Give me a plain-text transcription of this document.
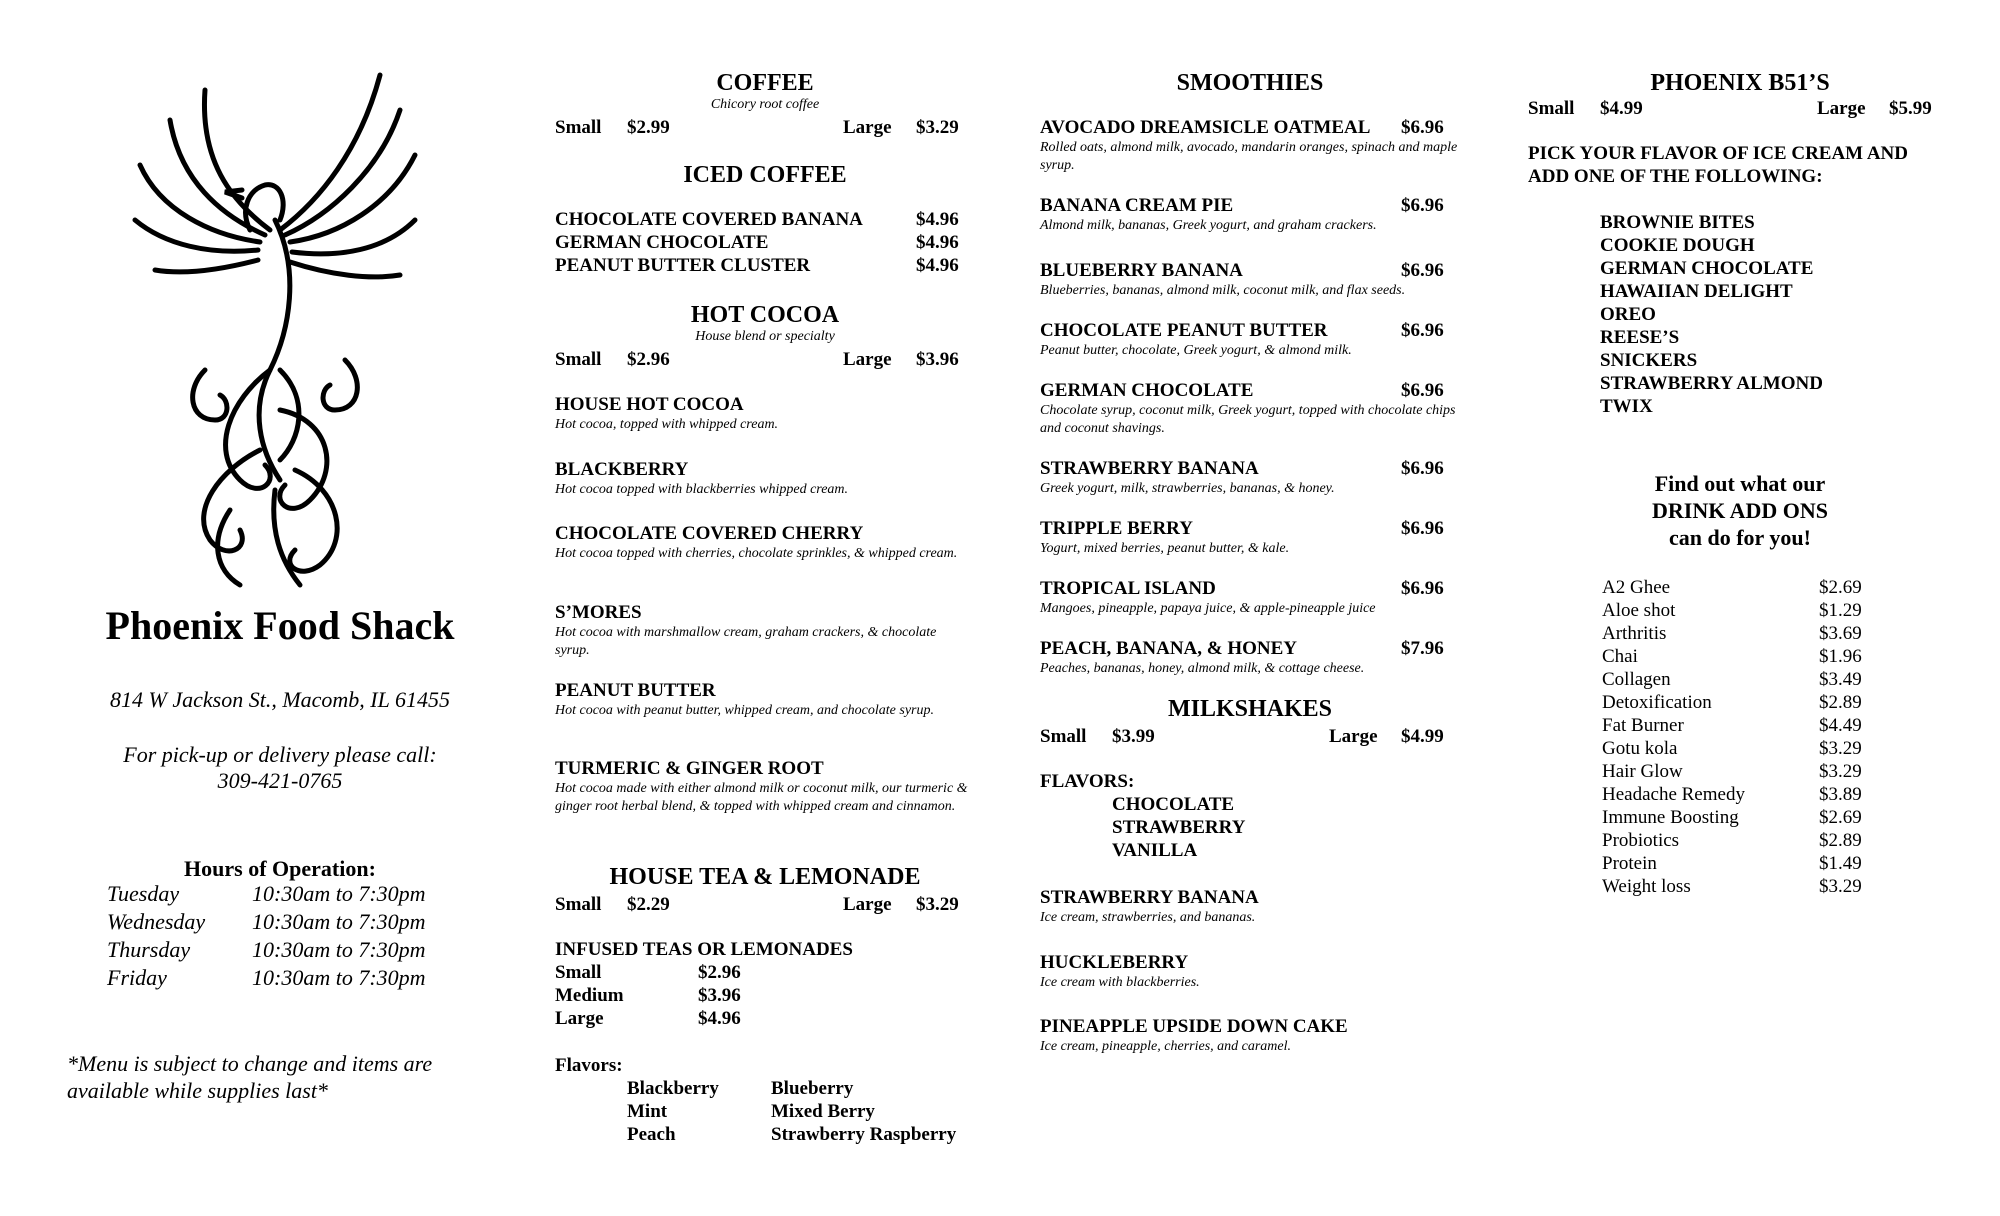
Phoenix Food Shack
814 W Jackson St., Macomb, IL 61455
For pick-up or delivery please call:
309-421-0765
Hours of Operation:
Tuesday	10:30am to 7:30pm
Wednesday 10:30am to 7:30pm
Thursday	10:30am to 7:30pm
Friday	10:30am to 7:30pm
*Menu is subject to change and items are
available while supplies last*
COFFEE
Chicory root coffee
Small $2.99	Large $3.29
ICED COFFEE
CHOCOLATE COVERED BANANA	$4.96
GERMAN CHOCOLATE	$4.96
PEANUT BUTTER CLUSTER	$4.96
HOT COCOA
House blend or specialty
Small $2.96	Large $3.96
HOUSE HOT COCOA
Hot cocoa, topped with whipped cream.
BLACKBERRY
Hot cocoa topped with blackberries whipped cream.
CHOCOLATE COVERED CHERRY
Hot cocoa topped with cherries, chocolate sprinkles, & whipped cream.
S’MORES
Hot cocoa with marshmallow cream, graham crackers, & chocolate syrup.
PEANUT BUTTER
Hot cocoa with peanut butter, whipped cream, and chocolate syrup.
TURMERIC & GINGER ROOT
Hot cocoa made with either almond milk or coconut milk, our turmeric & ginger root herbal blend, & topped with whipped cream and cinnamon.
HOUSE TEA & LEMONADE
Small $2.29	Large $3.29
INFUSED TEAS OR LEMONADES
Small	$2.96
Medium	$3.96
Large	$4.96
Flavors:
Blackberry	Blueberry
Mint	Mixed Berry
Peach	Strawberry Raspberry
SMOOTHIES
AVOCADO DREAMSICLE OATMEAL $6.96
Rolled oats, almond milk, avocado, mandarin oranges, spinach and maple syrup.
BANANA CREAM PIE	$6.96
Almond milk, bananas, Greek yogurt, and graham crackers.
BLUEBERRY BANANA	$6.96
Blueberries, bananas, almond milk, coconut milk, and flax seeds.
CHOCOLATE PEANUT BUTTER	$6.96
Peanut butter, chocolate, Greek yogurt, & almond milk.
GERMAN CHOCOLATE	$6.96
Chocolate syrup, coconut milk, Greek yogurt, topped with chocolate chips and coconut shavings.
STRAWBERRY BANANA	$6.96
Greek yogurt, milk, strawberries, bananas, & honey.
TRIPPLE BERRY	$6.96
Yogurt, mixed berries, peanut butter, & kale.
TROPICAL ISLAND	$6.96
Mangoes, pineapple, papaya juice, & apple-pineapple juice
PEACH, BANANA, & HONEY	$7.96
Peaches, bananas, honey, almond milk, & cottage cheese.
MILKSHAKES
Small $3.99	Large $4.99
FLAVORS:
CHOCOLATE
STRAWBERRY
VANILLA
STRAWBERRY BANANA
Ice cream, strawberries, and bananas.
HUCKLEBERRY
Ice cream with blackberries.
PINEAPPLE UPSIDE DOWN CAKE
Ice cream, pineapple, cherries, and caramel.
PHOENIX B51’S
Small $4.99	Large $5.99
PICK YOUR FLAVOR OF ICE CREAM AND
ADD ONE OF THE FOLLOWING:
BROWNIE BITES
COOKIE DOUGH
GERMAN CHOCOLATE
HAWAIIAN DELIGHT
OREO
REESE’S
SNICKERS
STRAWBERRY ALMOND
TWIX
Find out what our
DRINK ADD ONS
can do for you!
A2 Ghee	$2.69
Aloe shot	$1.29
Arthritis	$3.69
Chai	$1.96
Collagen	$3.49
Detoxification	$2.89
Fat Burner	$4.49
Gotu kola	$3.29
Hair Glow	$3.29
Headache Remedy	$3.89
Immune Boosting	$2.69
Probiotics	$2.89
Protein	$1.49
Weight loss	$3.29
